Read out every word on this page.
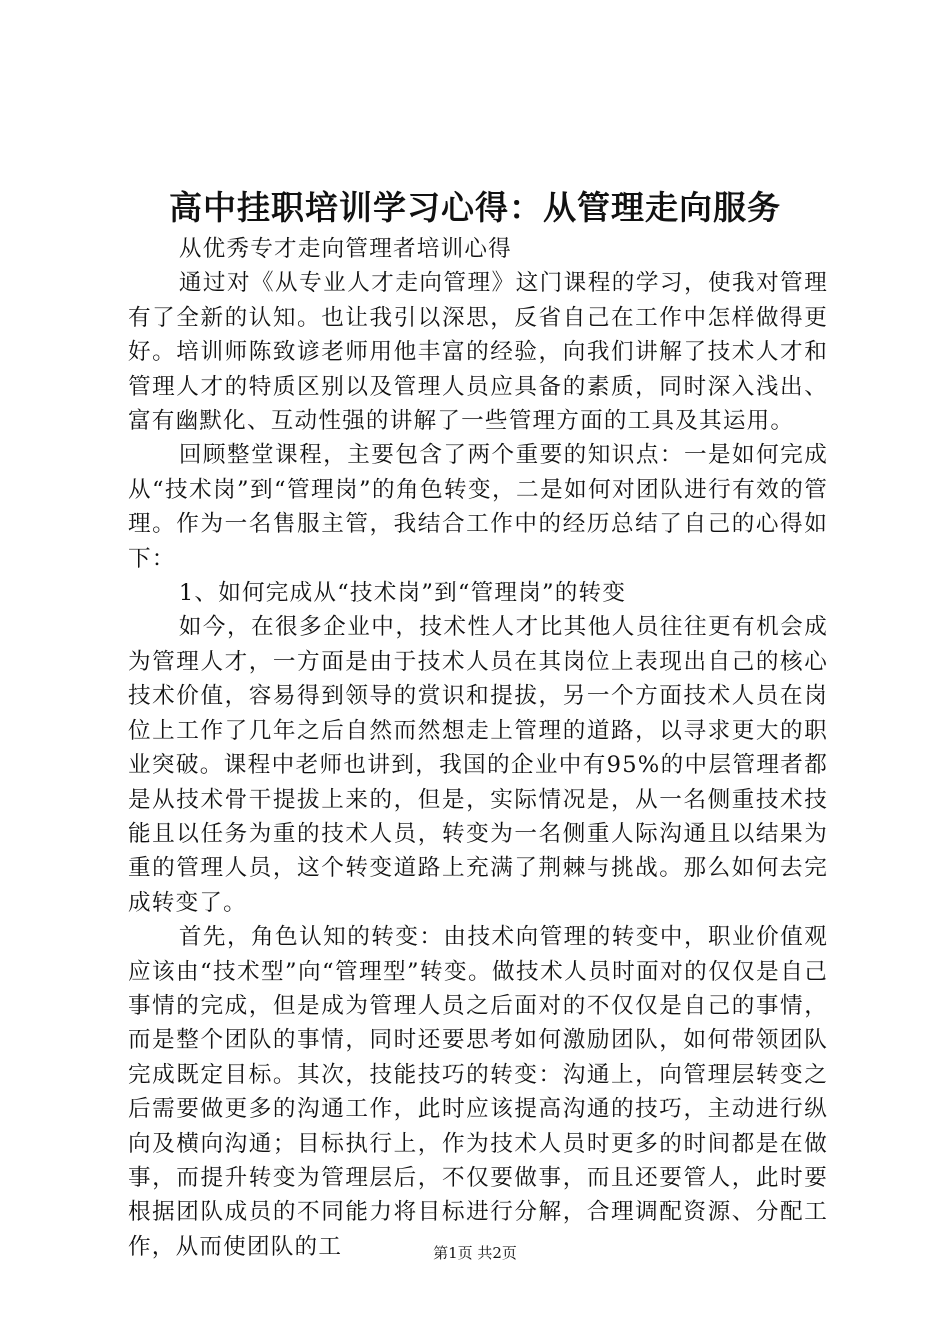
高中挂职培训学习心得：从管理走向服务

从优秀专才走向管理者培训心得

通过对《从专业人才走向管理》这门课程的学习，使我对管理有了全新的认知。也让我引以深思，反省自己在工作中怎样做得更好。培训师陈致谚老师用他丰富的经验，向我们讲解了技术人才和管理人才的特质区别以及管理人员应具备的素质，同时深入浅出、富有幽默化、互动性强的讲解了一些管理方面的工具及其运用。

回顾整堂课程，主要包含了两个重要的知识点：一是如何完成从“技术岗”到“管理岗”的角色转变，二是如何对团队进行有效的管理。作为一名售服主管，我结合工作中的经历总结了自己的心得如下：

1、如何完成从“技术岗”到“管理岗”的转变

如今，在很多企业中，技术性人才比其他人员往往更有机会成为管理人才，一方面是由于技术人员在其岗位上表现出自己的核心技术价值，容易得到领导的赏识和提拔，另一个方面技术人员在岗位上工作了几年之后自然而然想走上管理的道路，以寻求更大的职业突破。课程中老师也讲到，我国的企业中有95%的中层管理者都是从技术骨干提拔上来的，但是，实际情况是，从一名侧重技术技能且以任务为重的技术人员，转变为一名侧重人际沟通且以结果为重的管理人员，这个转变道路上充满了荆棘与挑战。那么如何去完成转变了。

首先，角色认知的转变：由技术向管理的转变中，职业价值观应该由“技术型”向“管理型”转变。做技术人员时面对的仅仅是自己事情的完成，但是成为管理人员之后面对的不仅仅是自己的事情，而是整个团队的事情，同时还要思考如何激励团队，如何带领团队完成既定目标。其次，技能技巧的转变：沟通上，向管理层转变之后需要做更多的沟通工作，此时应该提高沟通的技巧，主动进行纵向及横向沟通；目标执行上，作为技术人员时更多的时间都是在做事，而提升转变为管理层后，不仅要做事，而且还要管人，此时要根据团队成员的不同能力将目标进行分解，合理调配资源、分配工作，从而使团队的工	第1页 共2页
